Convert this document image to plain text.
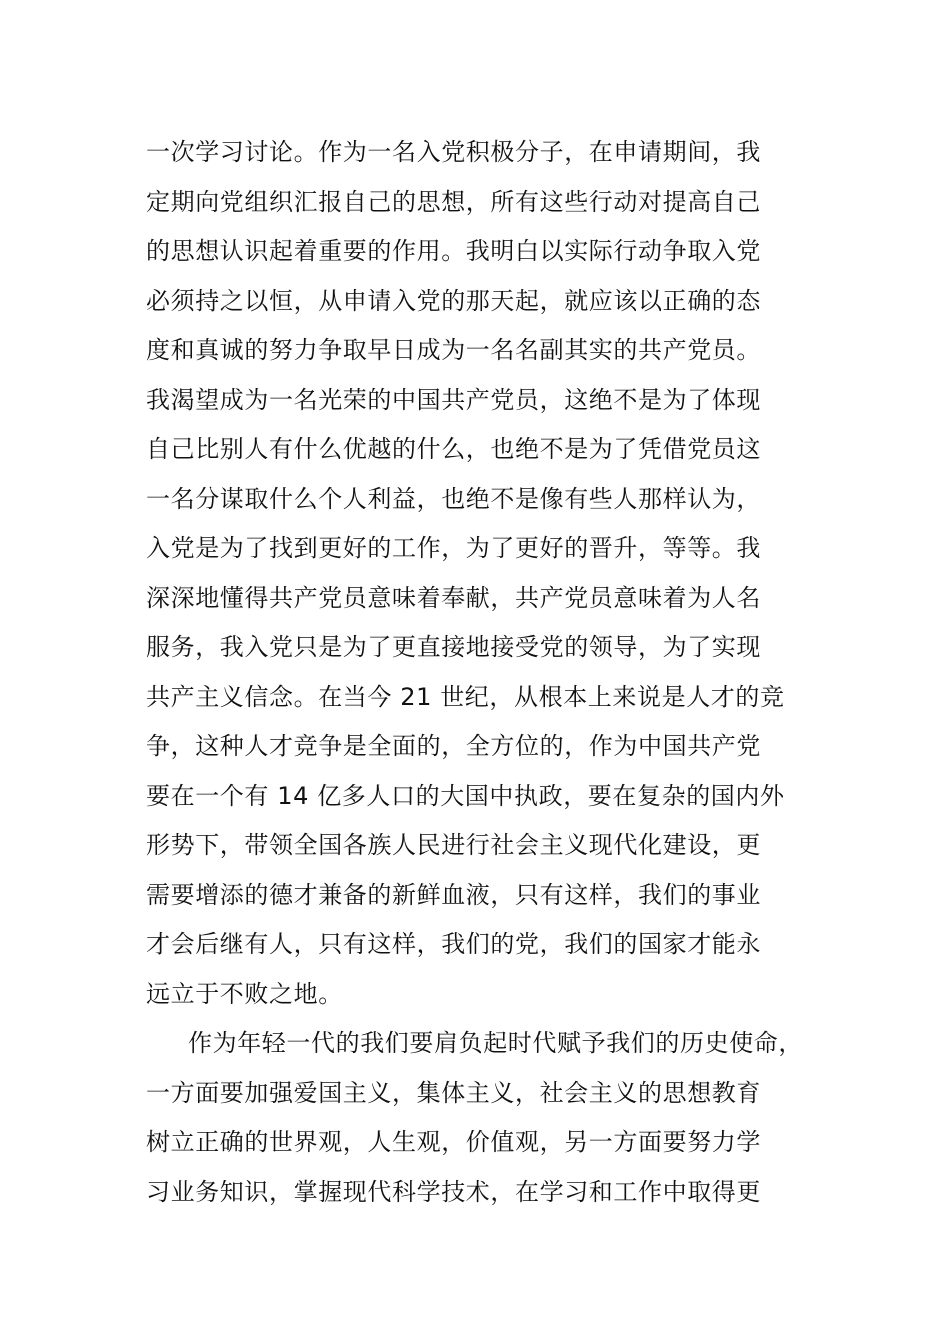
一次学习讨论。作为一名入党积极分子，在申请期间，我
定期向党组织汇报自己的思想，所有这些行动对提高自己
的思想认识起着重要的作用。我明白以实际行动争取入党
必须持之以恒，从申请入党的那天起，就应该以正确的态
度和真诚的努力争取早日成为一名名副其实的共产党员。
我渴望成为一名光荣的中国共产党员，这绝不是为了体现
自己比别人有什么优越的什么，也绝不是为了凭借党员这
一名分谋取什么个人利益，也绝不是像有些人那样认为，
入党是为了找到更好的工作，为了更好的晋升，等等。我
深深地懂得共产党员意味着奉献，共产党员意味着为人名
服务，我入党只是为了更直接地接受党的领导，为了实现
共产主义信念。在当今 21 世纪，从根本上来说是人才的竞
争，这种人才竞争是全面的，全方位的，作为中国共产党
要在一个有 14 亿多人口的大国中执政，要在复杂的国内外
形势下，带领全国各族人民进行社会主义现代化建设，更
需要增添的德才兼备的新鲜血液，只有这样，我们的事业
才会后继有人，只有这样，我们的党，我们的国家才能永
远立于不败之地。
作为年轻一代的我们要肩负起时代赋予我们的历史使命，
一方面要加强爱国主义，集体主义，社会主义的思想教育
树立正确的世界观，人生观，价值观，另一方面要努力学
习业务知识，掌握现代科学技术，在学习和工作中取得更
